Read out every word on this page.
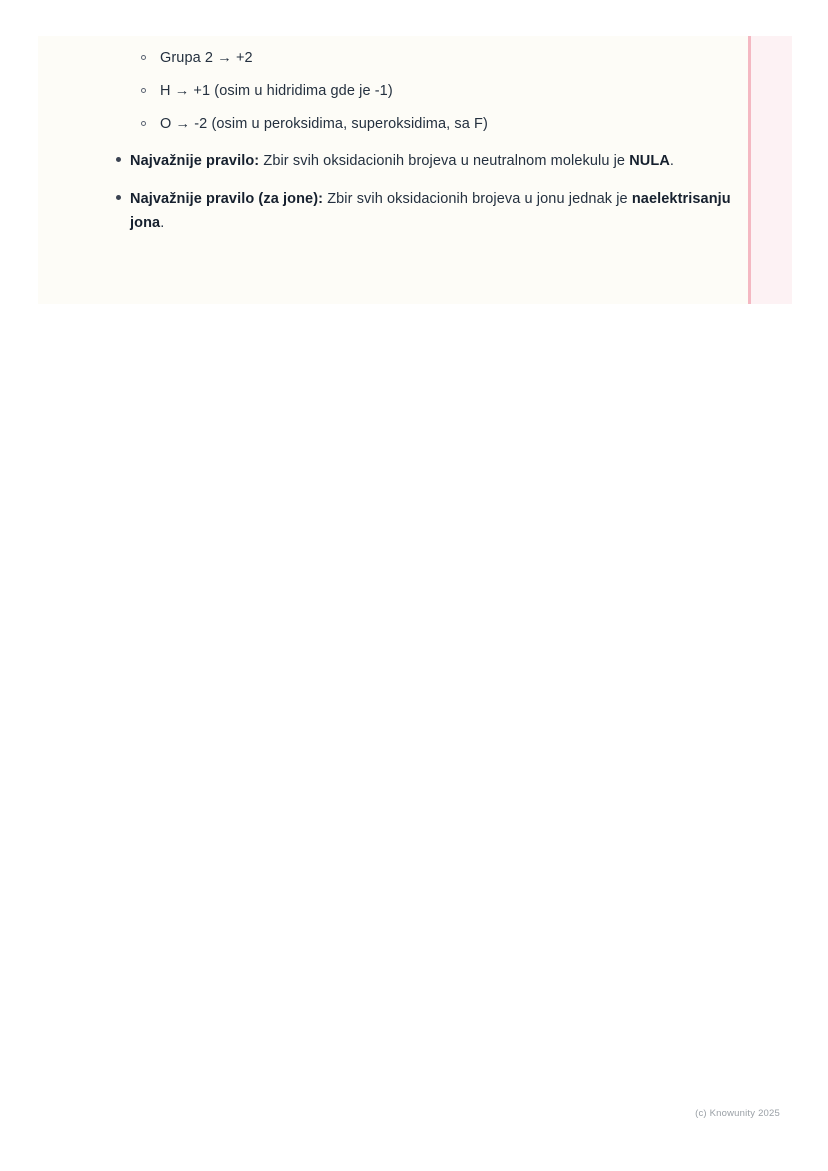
Grupa 2 → +2
H → +1 (osim u hidridima gde je -1)
O → -2 (osim u peroksidima, superoksidima, sa F)
Najvažnije pravilo: Zbir svih oksidacionih brojeva u neutralnom molekulu je NULA.
Najvažnije pravilo (za jone): Zbir svih oksidacionih brojeva u jonu jednak je naelektrisanju jona.
(c) Knowunity 2025
